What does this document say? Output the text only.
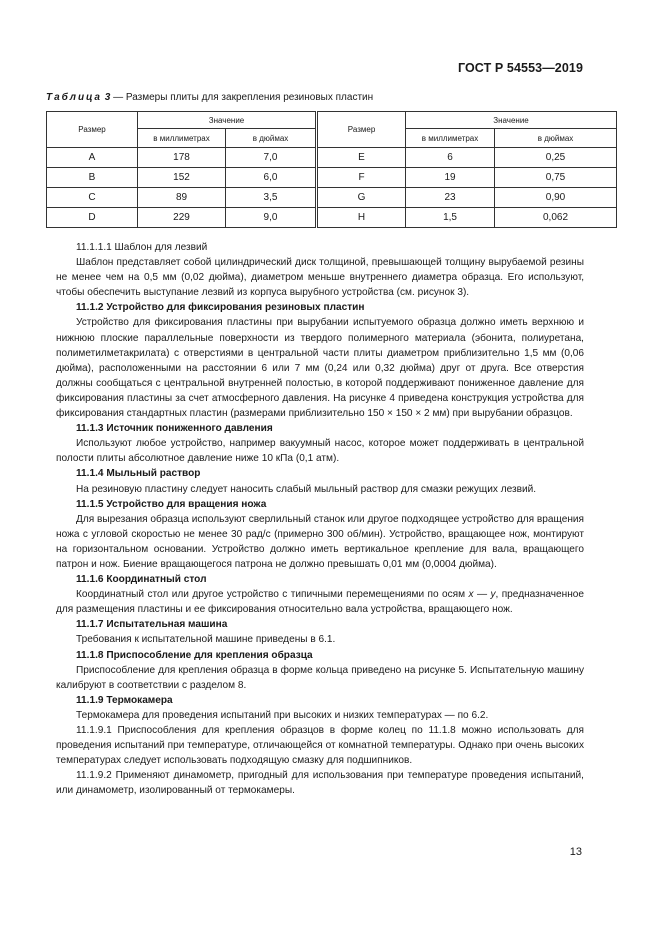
ГОСТ Р 54553—2019
Таблица 3 — Размеры плиты для закрепления резиновых пластин
Размер	Значение		Размер	Значение	
	в миллиметрах	в дюймах		в миллиметрах	в дюймах
A	178	7,0	E	6	0,25
B	152	6,0	F	19	0,75
C	89	3,5	G	23	0,90
D	229	9,0	H	1,5	0,062

11.1.1.1 Шаблон для лезвий

Шаблон представляет собой цилиндрический диск толщиной, превышающей толщину вырубаемой резины не менее чем на 0,5 мм (0,02 дюйма), диаметром меньше внутреннего диаметра образца. Его используют, чтобы обеспечить выступание лезвий из корпуса вырубного устройства (см. рисунок 3).

11.1.2 Устройство для фиксирования резиновых пластин

Устройство для фиксирования пластины при вырубании испытуемого образца должно иметь верхнюю и нижнюю плоские параллельные поверхности из твердого полимерного материала (эбонита, полиуретана, полиметилметакрилата) с отверстиями в центральной части плиты диаметром приблизительно 1,5 мм (0,06 дюйма), расположенными на расстоянии 6 или 7 мм (0,24 или 0,32 дюйма) друг от друга. Все отверстия должны сообщаться с центральной внутренней полостью, в которой поддерживают пониженное давление для фиксирования пластины за счет атмосферного давления. На рисунке 4 приведена конструкция устройства для фиксирования стандартных пластин (размерами приблизительно 150 × 150 × 2 мм) при вырубании образцов.

11.1.3 Источник пониженного давления

Используют любое устройство, например вакуумный насос, которое может поддерживать в центральной полости плиты абсолютное давление ниже 10 кПа (0,1 атм).

11.1.4 Мыльный раствор

На резиновую пластину следует наносить слабый мыльный раствор для смазки режущих лезвий.

11.1.5 Устройство для вращения ножа

Для вырезания образца используют сверлильный станок или другое подходящее устройство для вращения ножа с угловой скоростью не менее 30 рад/с (примерно 300 об/мин). Устройство, вращающее нож, монтируют на горизонтальном основании. Устройство должно иметь вертикальное крепление для вала, вращающего патрон и нож. Биение вращающегося патрона не должно превышать 0,01 мм (0,0004 дюйма).

11.1.6 Координатный стол

Координатный стол или другое устройство с типичными перемещениями по осям x — y, предназначенное для размещения пластины и ее фиксирования относительно вала устройства, вращающего нож.

11.1.7 Испытательная машина

Требования к испытательной машине приведены в 6.1.

11.1.8 Приспособление для крепления образца

Приспособление для крепления образца в форме кольца приведено на рисунке 5. Испытательную машину калибруют в соответствии с разделом 8.

11.1.9 Термокамера

Термокамера для проведения испытаний при высоких и низких температурах — по 6.2.

11.1.9.1 Приспособления для крепления образцов в форме колец по 11.1.8 можно использовать для проведения испытаний при температуре, отличающейся от комнатной температуры. Однако при очень высоких температурах следует использовать подходящую смазку для подшипников.

11.1.9.2 Применяют динамометр, пригодный для использования при температуре проведения испытаний, или динамометр, изолированный от термокамеры.

13
